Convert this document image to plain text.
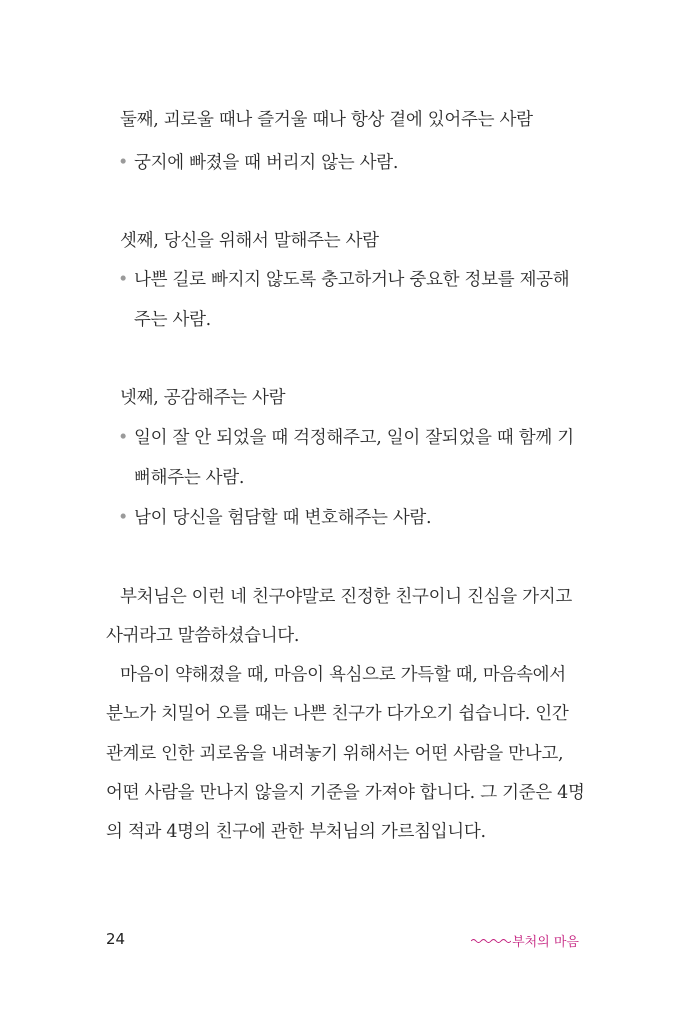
둘째, 괴로울 때나 즐거울 때나 항상 곁에 있어주는 사람
• 궁지에 빠졌을 때 버리지 않는 사람.
셋째, 당신을 위해서 말해주는 사람
• 나쁜 길로 빠지지 않도록 충고하거나 중요한 정보를 제공해
주는 사람.
넷째, 공감해주는 사람
• 일이 잘 안 되었을 때 걱정해주고, 일이 잘되었을 때 함께 기
뻐해주는 사람.
• 남이 당신을 험담할 때 변호해주는 사람.
부처님은 이런 네 친구야말로 진정한 친구이니 진심을 가지고
사귀라고 말씀하셨습니다.
마음이 약해졌을 때, 마음이 욕심으로 가득할 때, 마음속에서
분노가 치밀어 오를 때는 나쁜 친구가 다가오기 쉽습니다. 인간
관계로 인한 괴로움을 내려놓기 위해서는 어떤 사람을 만나고,
어떤 사람을 만나지 않을지 기준을 가져야 합니다. 그 기준은 4명
의 적과 4명의 친구에 관한 부처님의 가르침입니다.
24	부처의 마음
